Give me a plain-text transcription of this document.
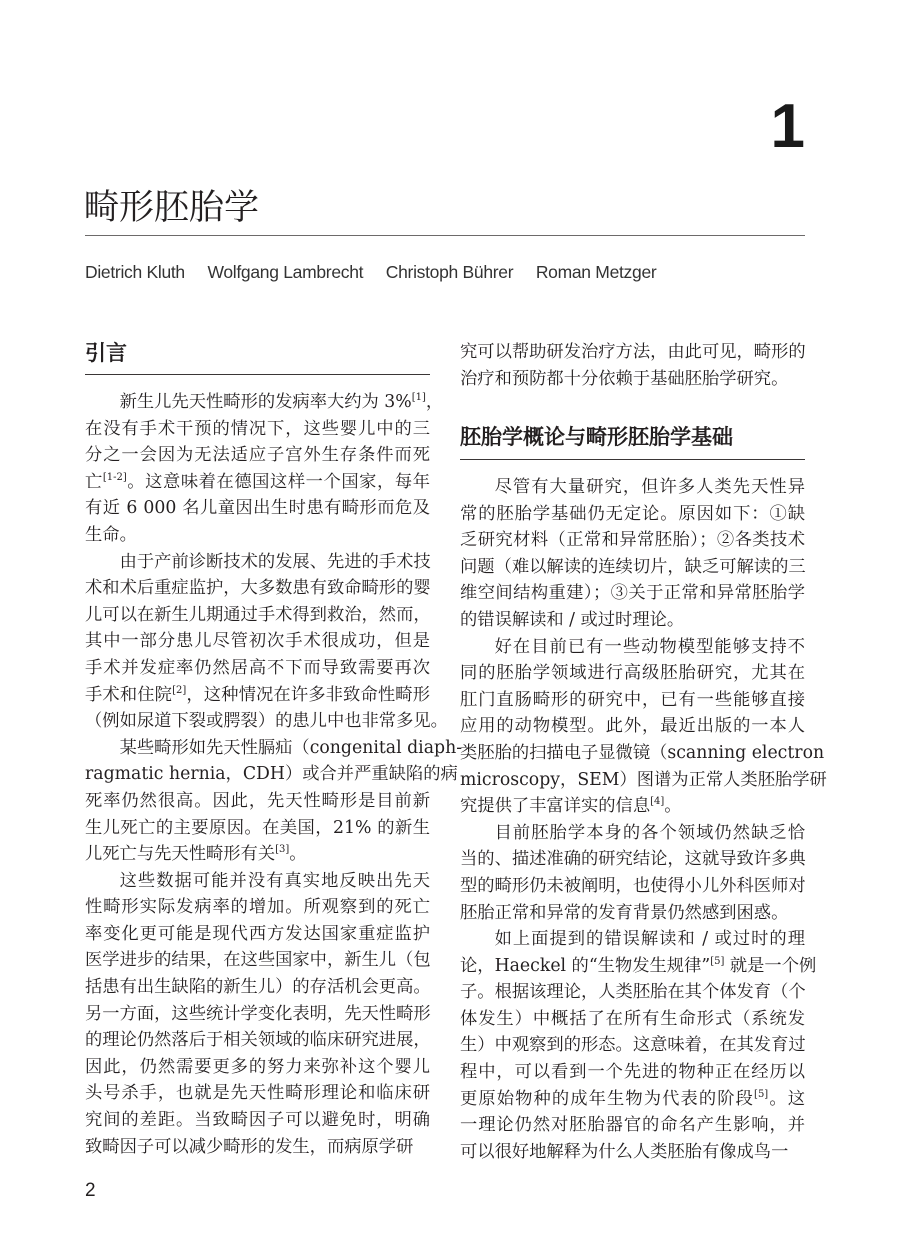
1
畸形胚胎学
Dietrich Kluth Wolfgang Lambrecht Christoph Bührer Roman Metzger
引言
新生儿先天性畸形的发病率大约为 3%[1]，
在没有手术干预的情况下，这些婴儿中的三
分之一会因为无法适应子宫外生存条件而死
亡[1-2]。这意味着在德国这样一个国家，每年
有近 6 000 名儿童因出生时患有畸形而危及
生命。
由于产前诊断技术的发展、先进的手术技
术和术后重症监护，大多数患有致命畸形的婴
儿可以在新生儿期通过手术得到救治，然而，
其中一部分患儿尽管初次手术很成功，但是
手术并发症率仍然居高不下而导致需要再次
手术和住院[2]，这种情况在许多非致命性畸形
（例如尿道下裂或腭裂）的患儿中也非常多见。
某些畸形如先天性膈疝（congenital diaph-
ragmatic hernia，CDH）或合并严重缺陷的病
死率仍然很高。因此，先天性畸形是目前新
生儿死亡的主要原因。在美国，21% 的新生
儿死亡与先天性畸形有关[3]。
这些数据可能并没有真实地反映出先天
性畸形实际发病率的增加。所观察到的死亡
率变化更可能是现代西方发达国家重症监护
医学进步的结果，在这些国家中，新生儿（包
括患有出生缺陷的新生儿）的存活机会更高。
另一方面，这些统计学变化表明，先天性畸形
的理论仍然落后于相关领域的临床研究进展，
因此，仍然需要更多的努力来弥补这个婴儿
头号杀手，也就是先天性畸形理论和临床研
究间的差距。当致畸因子可以避免时，明确
致畸因子可以减少畸形的发生，而病原学研
究可以帮助研发治疗方法，由此可见，畸形的
治疗和预防都十分依赖于基础胚胎学研究。
胚胎学概论与畸形胚胎学基础
尽管有大量研究，但许多人类先天性异
常的胚胎学基础仍无定论。原因如下：①缺
乏研究材料（正常和异常胚胎）；②各类技术
问题（难以解读的连续切片，缺乏可解读的三
维空间结构重建）；③关于正常和异常胚胎学
的错误解读和 / 或过时理论。
好在目前已有一些动物模型能够支持不
同的胚胎学领域进行高级胚胎研究，尤其在
肛门直肠畸形的研究中，已有一些能够直接
应用的动物模型。此外，最近出版的一本人
类胚胎的扫描电子显微镜（scanning electron
microscopy，SEM）图谱为正常人类胚胎学研
究提供了丰富详实的信息[4]。
目前胚胎学本身的各个领域仍然缺乏恰
当的、描述准确的研究结论，这就导致许多典
型的畸形仍未被阐明，也使得小儿外科医师对
胚胎正常和异常的发育背景仍然感到困惑。
如上面提到的错误解读和 / 或过时的理
论，Haeckel 的“生物发生规律”[5] 就是一个例
子。根据该理论，人类胚胎在其个体发育（个
体发生）中概括了在所有生命形式（系统发
生）中观察到的形态。这意味着，在其发育过
程中，可以看到一个先进的物种正在经历以
更原始物种的成年生物为代表的阶段[5]。这
一理论仍然对胚胎器官的命名产生影响，并
可以很好地解释为什么人类胚胎有像成鸟一
2
